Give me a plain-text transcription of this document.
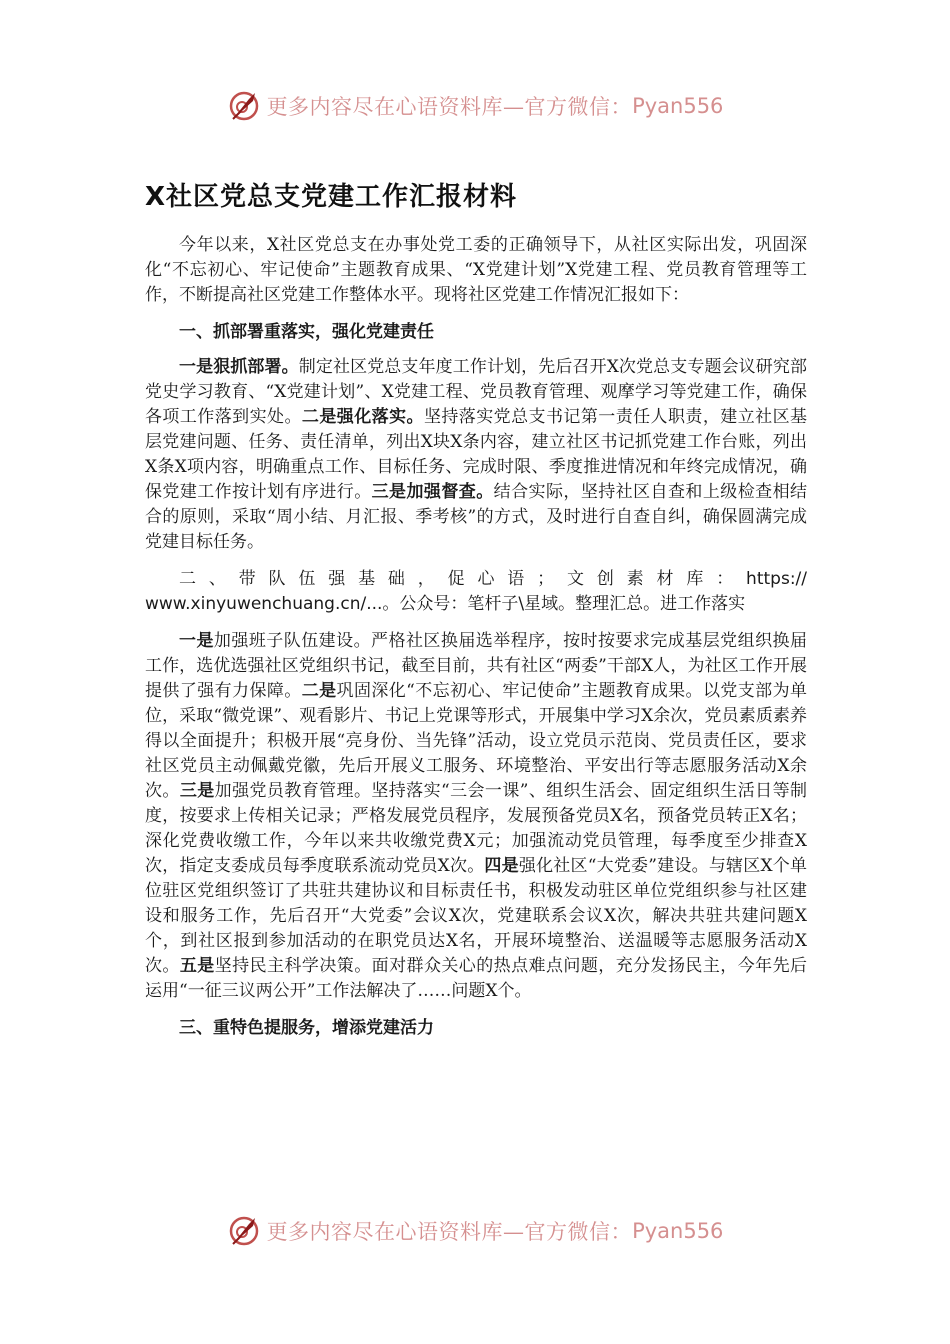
更多内容尽在心语资料库—官方微信： Pyan556
X社区党总支党建工作汇报材料

今年以来，X社区党总支在办事处党工委的正确领导下，从社区实际出发，巩固深化“不忘初心、牢记使命”主题教育成果、“X党建计划”X党建工程、党员教育管理等工作，不断提高社区党建工作整体水平。现将社区党建工作情况汇报如下：

一、抓部署重落实，强化党建责任

一是狠抓部署。制定社区党总支年度工作计划，先后召开X次党总支专题会议研究部党史学习教育、“X党建计划”、X党建工程、党员教育管理、观摩学习等党建工作，确保各项工作落到实处。二是强化落实。坚持落实党总支书记第一责任人职责，建立社区基层党建问题、任务、责任清单，列出X块X条内容，建立社区书记抓党建工作台账，列出X条X项内容，明确重点工作、目标任务、完成时限、季度推进情况和年终完成情况，确保党建工作按计划有序进行。三是加强督查。结合实际，坚持社区自查和上级检查相结合的原则，采取“周小结、月汇报、季考核”的方式，及时进行自查自纠，确保圆满完成党建目标任务。

二、带队伍强基础，促心语；文创素材库：https://

www.xinyuwenchuang.cn/...。公众号：笔杆子\星域。整理汇总。进工作落实

一是加强班子队伍建设。严格社区换届选举程序，按时按要求完成基层党组织换届工作，选优选强社区党组织书记，截至目前，共有社区“两委”干部X人，为社区工作开展提供了强有力保障。二是巩固深化“不忘初心、牢记使命”主题教育成果。以党支部为单位，采取“微党课”、观看影片、书记上党课等形式，开展集中学习X余次，党员素质素养得以全面提升；积极开展“亮身份、当先锋”活动，设立党员示范岗、党员责任区，要求社区党员主动佩戴党徽，先后开展义工服务、环境整治、平安出行等志愿服务活动X余次。三是加强党员教育管理。坚持落实“三会一课”、组织生活会、固定组织生活日等制度，按要求上传相关记录；严格发展党员程序，发展预备党员X名，预备党员转正X名；深化党费收缴工作，今年以来共收缴党费X元；加强流动党员管理，每季度至少排查X次，指定支委成员每季度联系流动党员X次。四是强化社区“大党委”建设。与辖区X个单位驻区党组织签订了共驻共建协议和目标责任书，积极发动驻区单位党组织参与社区建设和服务工作，先后召开“大党委”会议X次，党建联系会议X次，解决共驻共建问题X个，到社区报到参加活动的在职党员达X名，开展环境整治、送温暖等志愿服务活动X次。五是坚持民主科学决策。面对群众关心的热点难点问题，充分发扬民主，今年先后运用“一征三议两公开”工作法解决了……问题X个。

三、重特色提服务，增添党建活力

更多内容尽在心语资料库—官方微信： Pyan556
